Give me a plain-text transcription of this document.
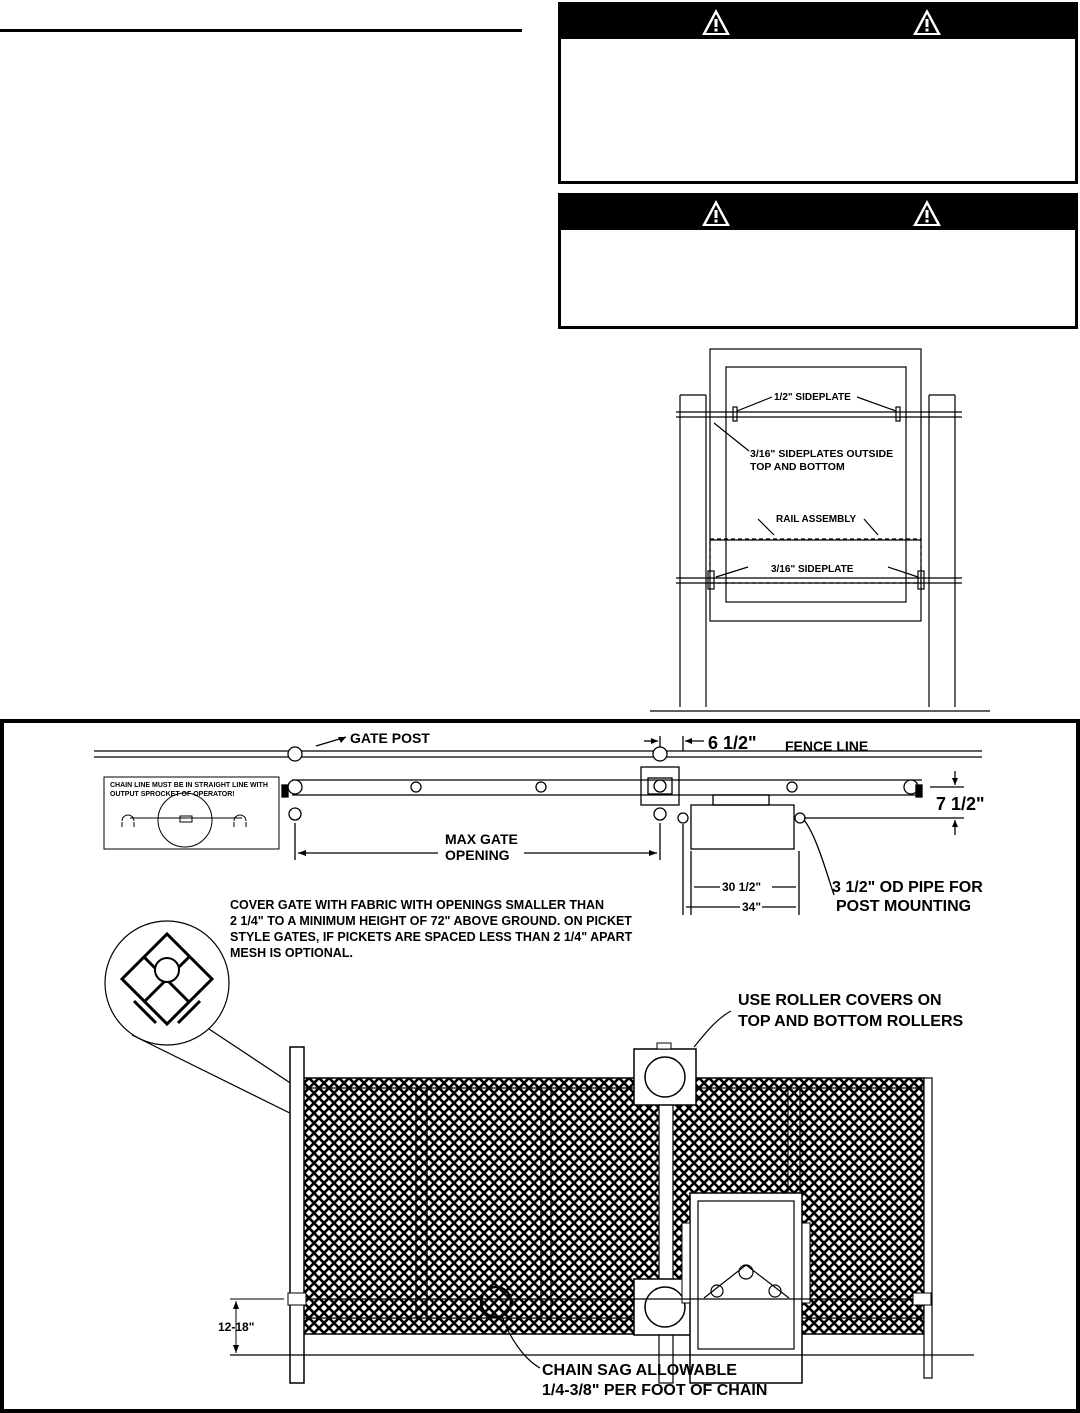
1/2" SIDEPLATE
3/16" SIDEPLATES OUTSIDE
TOP AND BOTTOM
RAIL ASSEMBLY
3/16" SIDEPLATE
CHAIN LINE MUST BE IN STRAIGHT LINE WITH
OUTPUT SPROCKET OF OPERATOR!
GATE POST	6 1/2" FENCE LINE
7 1/2"
MAX GATE
OPENING
30 1/2"
34"
3 1/2" OD PIPE FOR
POST MOUNTING
COVER GATE WITH FABRIC WITH OPENINGS SMALLER THAN
2 1/4" TO A MINIMUM HEIGHT OF 72" ABOVE GROUND. ON PICKET
STYLE GATES, IF PICKETS ARE SPACED LESS THAN 2 1/4" APART
MESH IS OPTIONAL.
USE ROLLER COVERS ON
TOP AND BOTTOM ROLLERS
12-18"
CHAIN SAG ALLOWABLE
1/4-3/8" PER FOOT OF CHAIN
